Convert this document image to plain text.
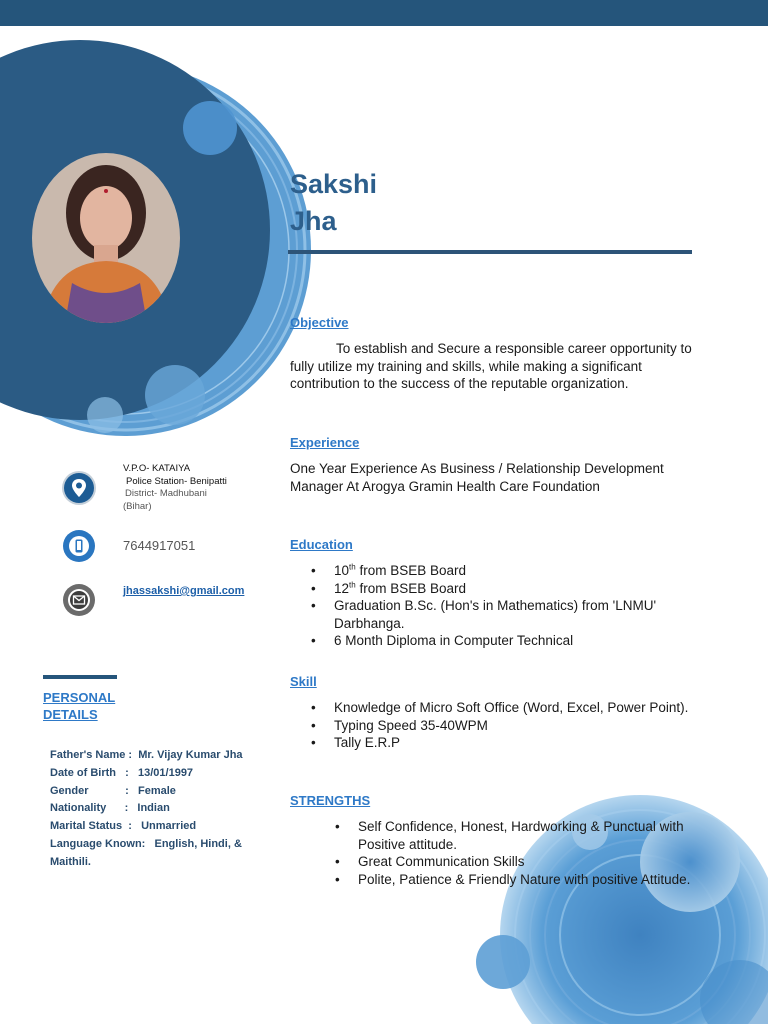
Sakshi
Jha
Objective
To establish and Secure a responsible career opportunity to fully utilize my training and skills, while making a significant contribution to the success of the reputable organization.
Experience
One Year Experience As Business / Relationship Development Manager At Arogya Gramin Health Care Foundation
Education
• 10th from BSEB Board
• 12th from BSEB Board
• Graduation B.Sc. (Hon's in Mathematics) from 'LNMU' Darbhanga.
• 6 Month Diploma in Computer Technical
Skill
• Knowledge of Micro Soft Office (Word, Excel, Power Point).
• Typing Speed 35-40WPM
• Tally E.R.P
STRENGTHS
• Self Confidence, Honest, Hardworking & Punctual with Positive attitude.
• Great Communication Skills
• Polite, Patience & Friendly Nature with positive Attitude.
V.P.O- KATAIYA
Police Station- Benipatti
District- Madhubani
(Bihar)
7644917051
jhassakshi@gmail.com
PERSONAL
DETAILS
Father's Name :  Mr. Vijay Kumar Jha
Date of Birth   :   13/01/1997
Gender            :   Female
Nationality      :   Indian
Marital Status  :   Unmarried
Language Known:   English, Hindi, &
Maithili.
